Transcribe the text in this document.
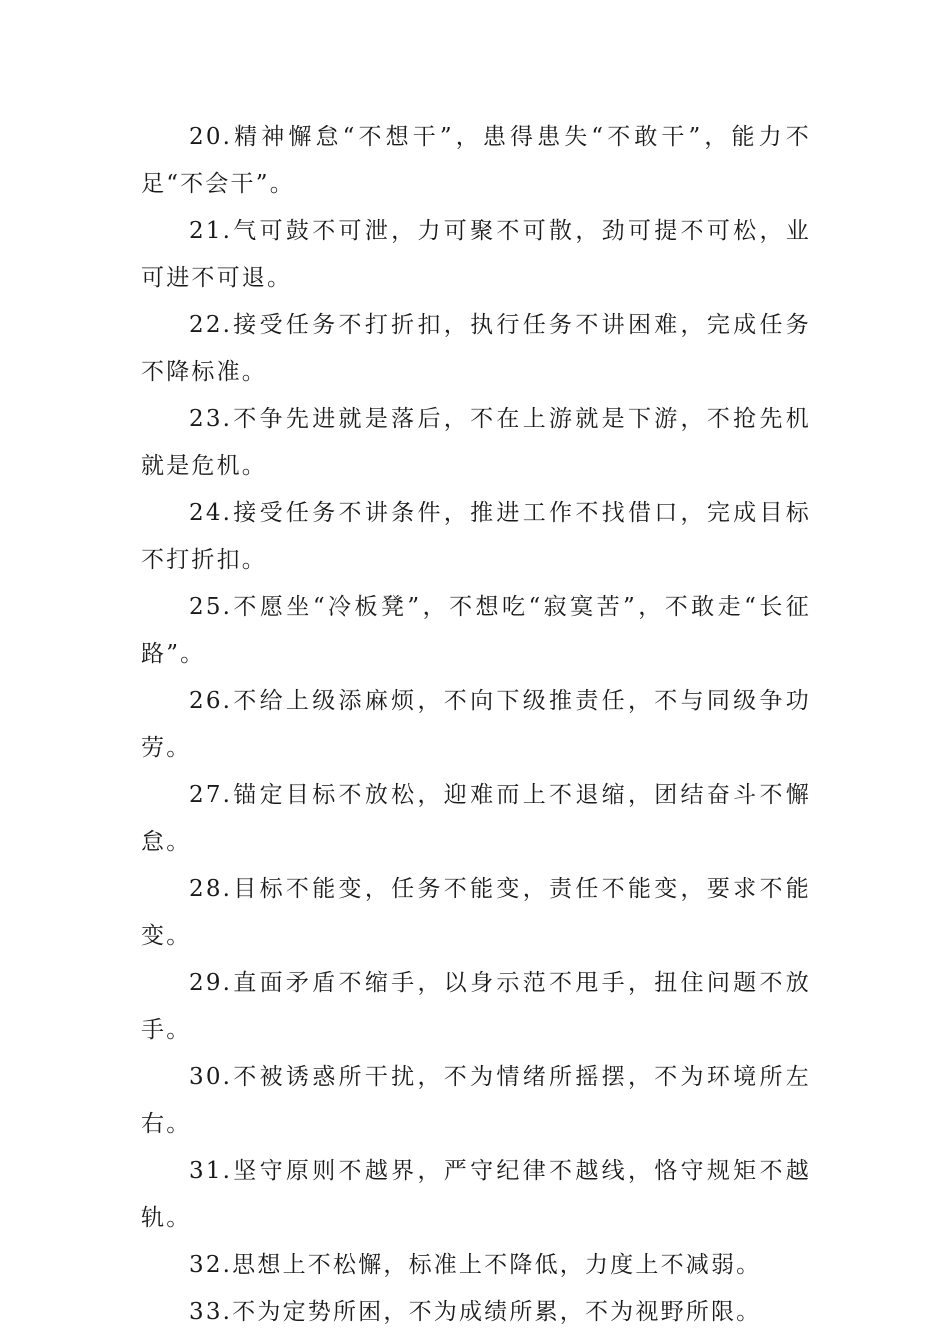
20.精神懈怠“不想干”，患得患失“不敢干”，能力不足“不会干”。

21.气可鼓不可泄，力可聚不可散，劲可提不可松，业可进不可退。

22.接受任务不打折扣，执行任务不讲困难，完成任务不降标准。

23.不争先进就是落后，不在上游就是下游，不抢先机就是危机。

24.接受任务不讲条件，推进工作不找借口，完成目标不打折扣。

25.不愿坐“冷板凳”，不想吃“寂寞苦”，不敢走“长征路”。

26.不给上级添麻烦，不向下级推责任，不与同级争功劳。

27.锚定目标不放松，迎难而上不退缩，团结奋斗不懈怠。

28.目标不能变，任务不能变，责任不能变，要求不能变。

29.直面矛盾不缩手，以身示范不甩手，扭住问题不放手。

30.不被诱惑所干扰，不为情绪所摇摆，不为环境所左右。

31.坚守原则不越界，严守纪律不越线，恪守规矩不越轨。

32.思想上不松懈，标准上不降低，力度上不减弱。

33.不为定势所困，不为成绩所累，不为视野所限。
